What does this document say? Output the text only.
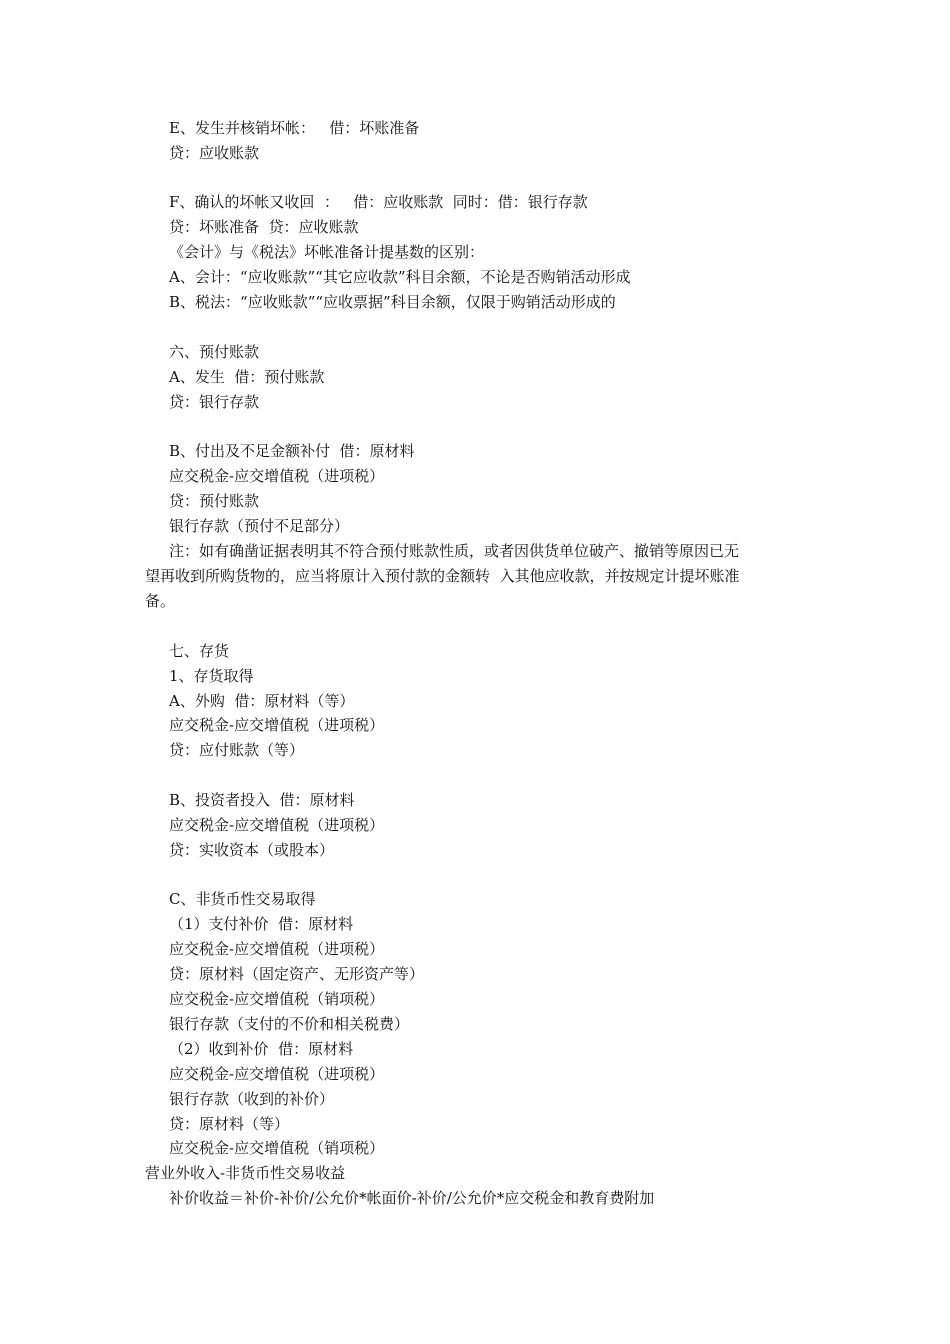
E、发生并核销坏帐：   借：坏账准备
贷：应收账款
F、确认的坏帐又收回  ：   借：应收账款  同时：借：银行存款
贷：坏账准备  贷：应收账款
《会计》与《税法》坏帐准备计提基数的区别：
A、会计：“应收账款”“其它应收款”科目余额，不论是否购销活动形成
B、税法：“应收账款”“应收票据”科目余额，仅限于购销活动形成的
六、预付账款
A、发生  借：预付账款
贷：银行存款
B、付出及不足金额补付  借：原材料
应交税金-应交增值税（进项税）
贷：预付账款
银行存款（预付不足部分）
注：如有确凿证据表明其不符合预付账款性质，或者因供货单位破产、撤销等原因已无
望再收到所购货物的，应当将原计入预付款的金额转  入其他应收款，并按规定计提坏账准
备。
七、存货
1、存货取得
A、外购  借：原材料（等）
应交税金-应交增值税（进项税）
贷：应付账款（等）
B、投资者投入  借：原材料
应交税金-应交增值税（进项税）
贷：实收资本（或股本）
C、非货币性交易取得
（1）支付补价  借：原材料
应交税金-应交增值税（进项税）
贷：原材料（固定资产、无形资产等）
应交税金-应交增值税（销项税）
银行存款（支付的不价和相关税费）
（2）收到补价  借：原材料
应交税金-应交增值税（进项税）
银行存款（收到的补价）
贷：原材料（等）
应交税金-应交增值税（销项税）
营业外收入-非货币性交易收益
补价收益＝补价-补价/公允价*帐面价-补价/公允价*应交税金和教育费附加
